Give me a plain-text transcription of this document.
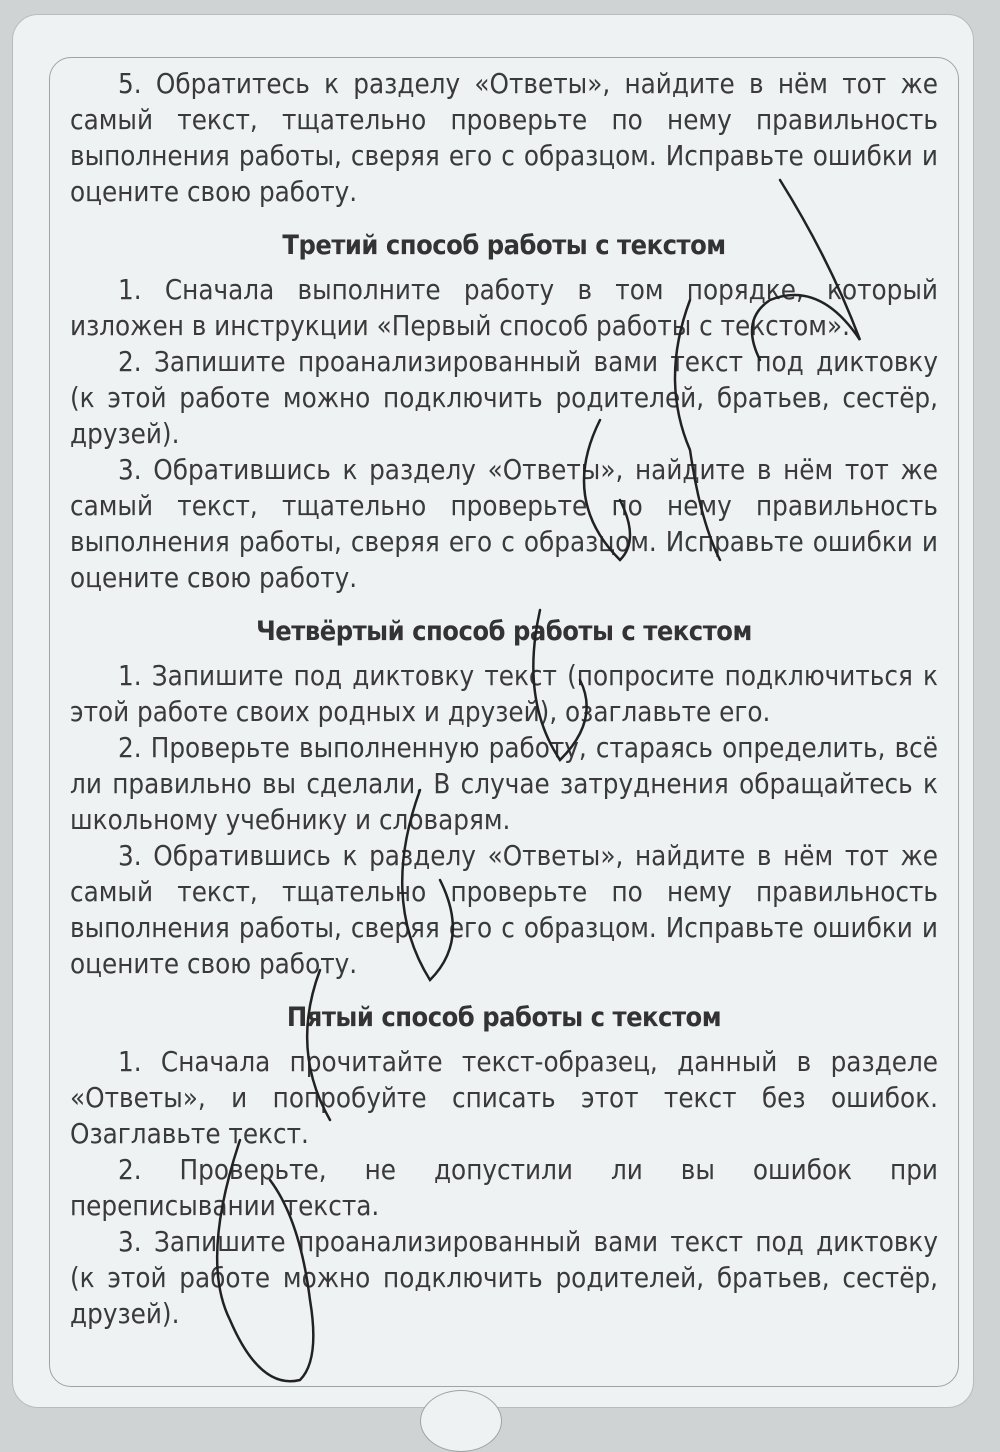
5. Обратитесь к разделу «Ответы», найдите в нём тот же самый текст, тщательно проверьте по нему правильность выполнения работы, сверяя его с образцом. Исправьте ошибки и оцените свою работу.

Третий способ работы с текстом

1. Сначала выполните работу в том порядке, который изложен в инструкции «Первый способ работы с текстом».

2. Запишите проанализированный вами текст под диктовку (к этой работе можно подключить родителей, братьев, сестёр, друзей).

3. Обратившись к разделу «Ответы», найдите в нём тот же самый текст, тщательно проверьте по нему правильность выполнения работы, сверяя его с образцом. Исправьте ошибки и оцените свою работу.

Четвёртый способ работы с текстом

1. Запишите под диктовку текст (попросите подключиться к этой работе своих родных и друзей), озаглавьте его.

2. Проверьте выполненную работу, стараясь определить, всё ли правильно вы сделали. В случае затруднения обращайтесь к школьному учебнику и словарям.

3. Обратившись к разделу «Ответы», найдите в нём тот же самый текст, тщательно проверьте по нему правильность выполнения работы, сверяя его с образцом. Исправьте ошибки и оцените свою работу.

Пятый способ работы с текстом

1. Сначала прочитайте текст-образец, данный в разделе «Ответы», и попробуйте списать этот текст без ошибок. Озаглавьте текст.

2. Проверьте, не допустили ли вы ошибок при переписывании текста.

3. Запишите проанализированный вами текст под диктовку (к этой работе можно подключить родителей, братьев, сестёр, друзей).
